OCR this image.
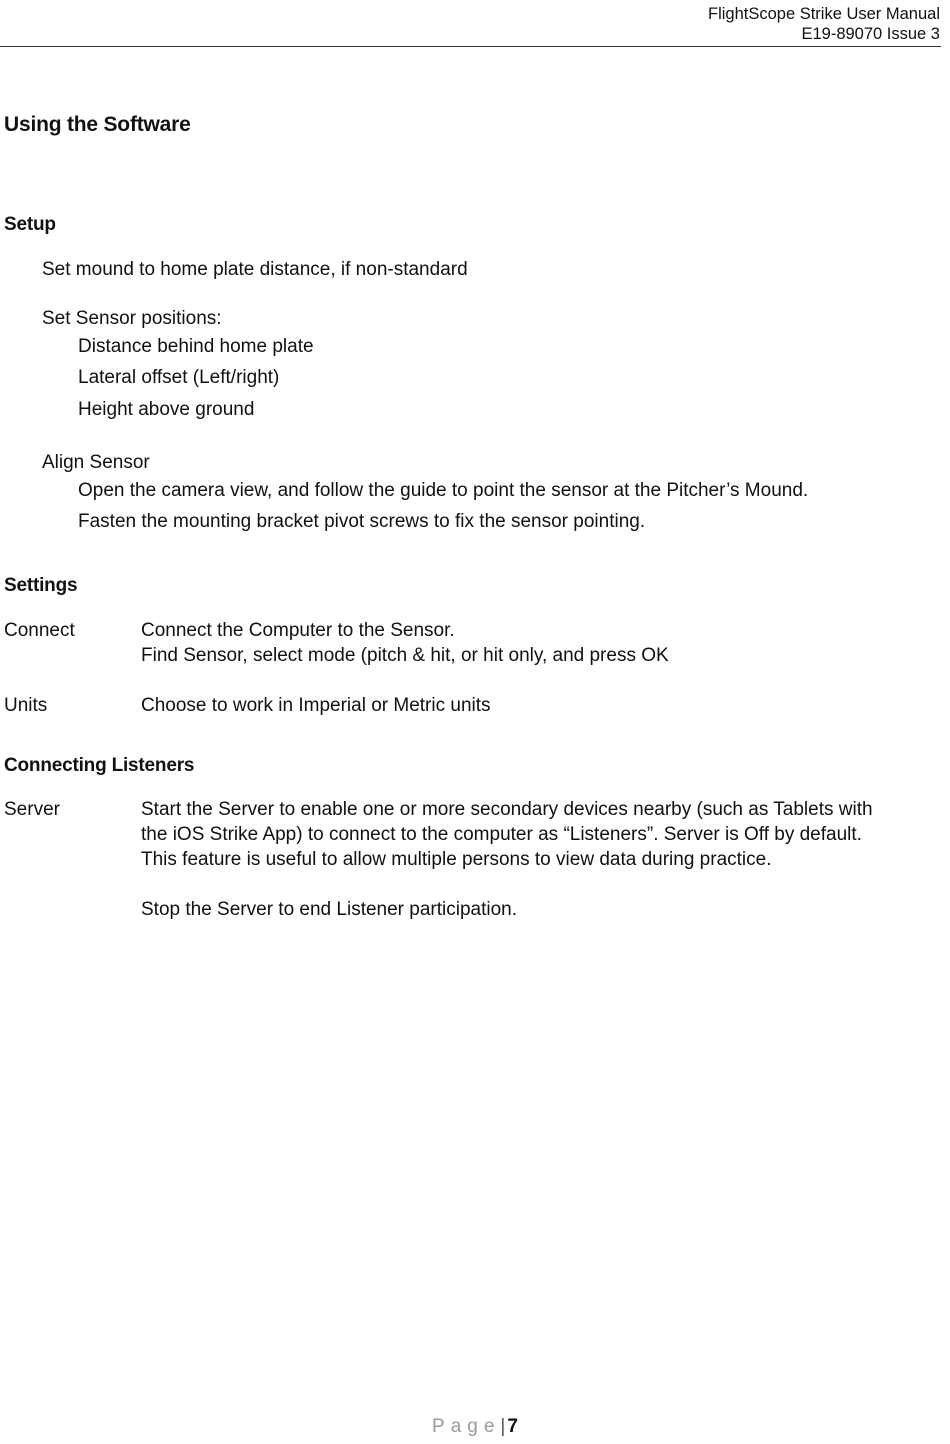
FlightScope Strike User Manual
E19-89070 Issue 3
Using the Software
Setup
Set mound to home plate distance, if non-standard
Set Sensor positions:
Distance behind home plate
Lateral offset (Left/right)
Height above ground
Align Sensor
Open the camera view, and follow the guide to point the sensor at the Pitcher’s Mound.
Fasten the mounting bracket pivot screws to fix the sensor pointing.
Settings
Connect	Connect the Computer to the Sensor.
Find Sensor, select mode (pitch & hit, or hit only, and press OK
Units	Choose to work in Imperial or Metric units
Connecting Listeners
Server	Start the Server to enable one or more secondary devices nearby (such as Tablets with
the iOS Strike App) to connect to the computer as “Listeners”. Server is Off by default.
This feature is useful to allow multiple persons to view data during practice.
Stop the Server to end Listener participation.
Page| 7
